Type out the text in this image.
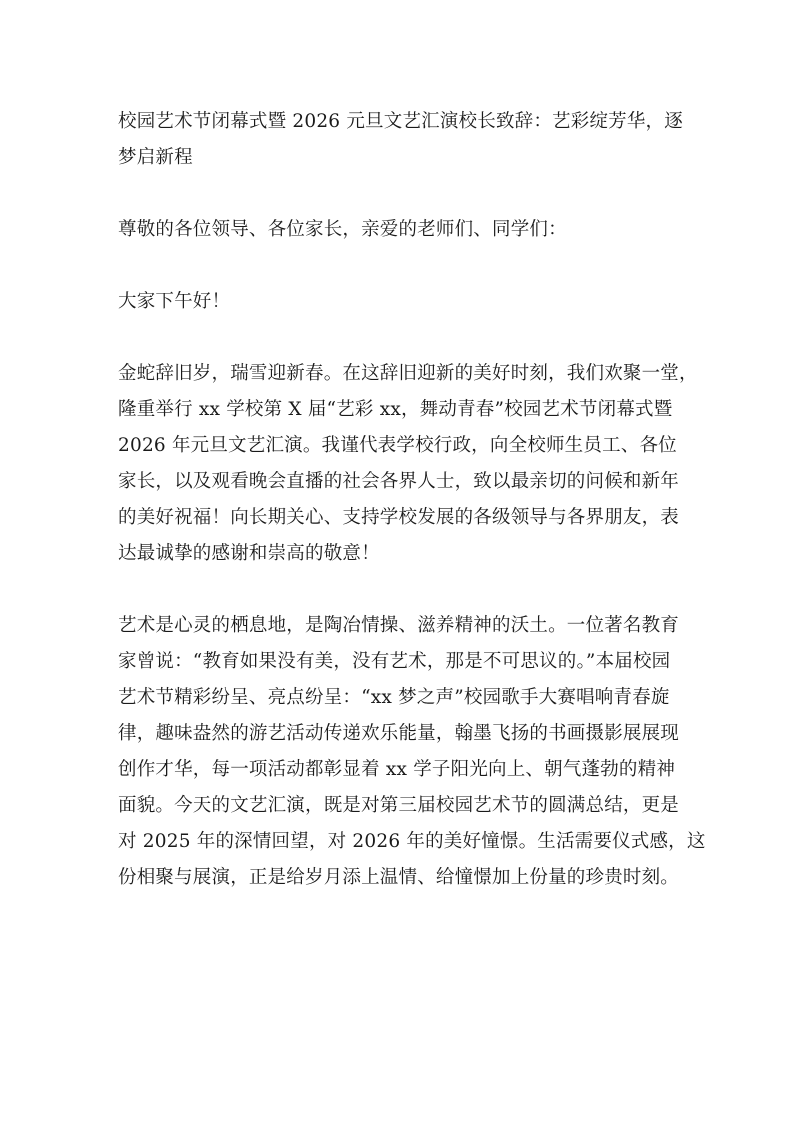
校园艺术节闭幕式暨 2026 元旦文艺汇演校长致辞：艺彩绽芳华，逐
梦启新程
尊敬的各位领导、各位家长，亲爱的老师们、同学们：
大家下午好！
金蛇辞旧岁，瑞雪迎新春。在这辞旧迎新的美好时刻，我们欢聚一堂，
隆重举行 xx 学校第 X 届“艺彩 xx，舞动青春”校园艺术节闭幕式暨
2026 年元旦文艺汇演。我谨代表学校行政，向全校师生员工、各位
家长，以及观看晚会直播的社会各界人士，致以最亲切的问候和新年
的美好祝福！向长期关心、支持学校发展的各级领导与各界朋友，表
达最诚挚的感谢和崇高的敬意！
艺术是心灵的栖息地，是陶冶情操、滋养精神的沃土。一位著名教育
家曾说：“教育如果没有美，没有艺术，那是不可思议的。”本届校园
艺术节精彩纷呈、亮点纷呈：“xx 梦之声”校园歌手大赛唱响青春旋
律，趣味盎然的游艺活动传递欢乐能量，翰墨飞扬的书画摄影展展现
创作才华，每一项活动都彰显着 xx 学子阳光向上、朝气蓬勃的精神
面貌。今天的文艺汇演，既是对第三届校园艺术节的圆满总结，更是
对 2025 年的深情回望，对 2026 年的美好憧憬。生活需要仪式感，这
份相聚与展演，正是给岁月添上温情、给憧憬加上份量的珍贵时刻。
